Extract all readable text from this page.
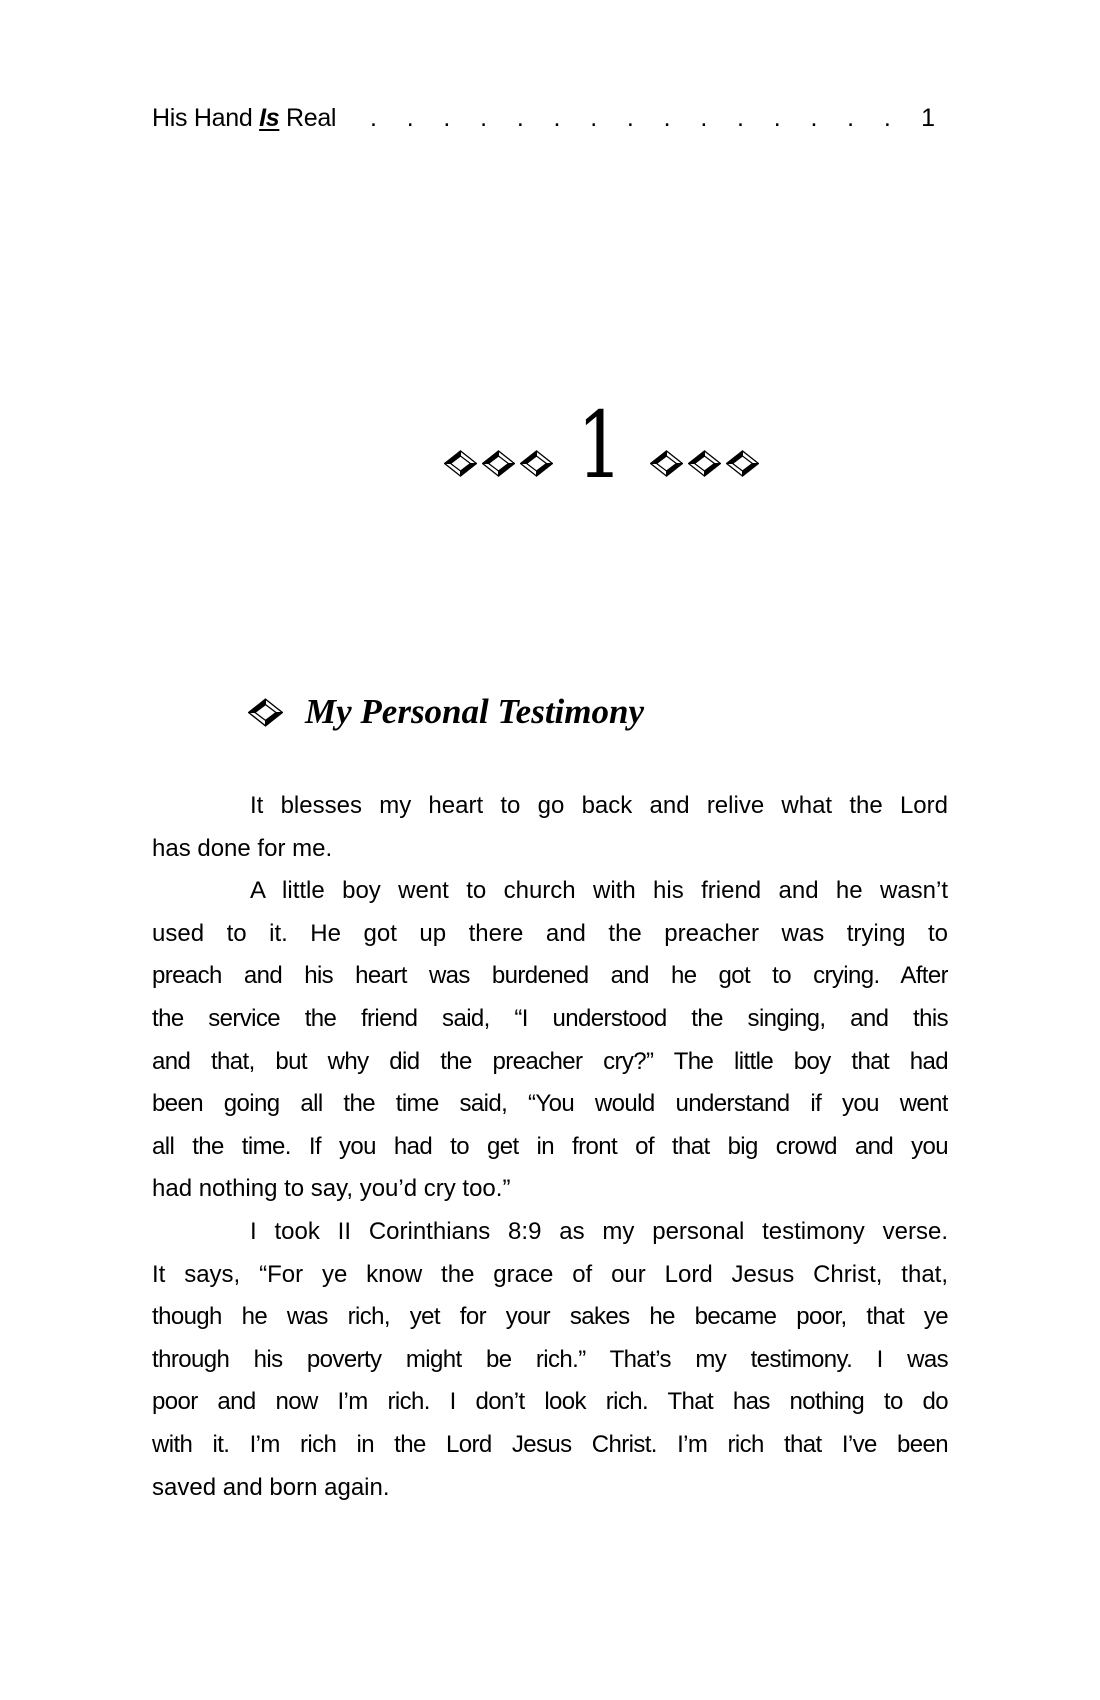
His Hand Is Real . . . . . . . . . . . . . . . 1
1
My Personal Testimony
It blesses my heart to go back and relive what the Lord
has done for me.
A little boy went to church with his friend and he wasn’t
used to it. He got up there and the preacher was trying to
preach and his heart was burdened and he got to crying. After
the service the friend said, “I understood the singing, and this
and that, but why did the preacher cry?” The little boy that had
been going all the time said, “You would understand if you went
all the time. If you had to get in front of that big crowd and you
had nothing to say, you’d cry too.”
I took II Corinthians 8:9 as my personal testimony verse.
It says, “For ye know the grace of our Lord Jesus Christ, that,
though he was rich, yet for your sakes he became poor, that ye
through his poverty might be rich.” That’s my testimony. I was
poor and now I’m rich. I don’t look rich. That has nothing to do
with it. I’m rich in the Lord Jesus Christ. I’m rich that I’ve been
saved and born again.
